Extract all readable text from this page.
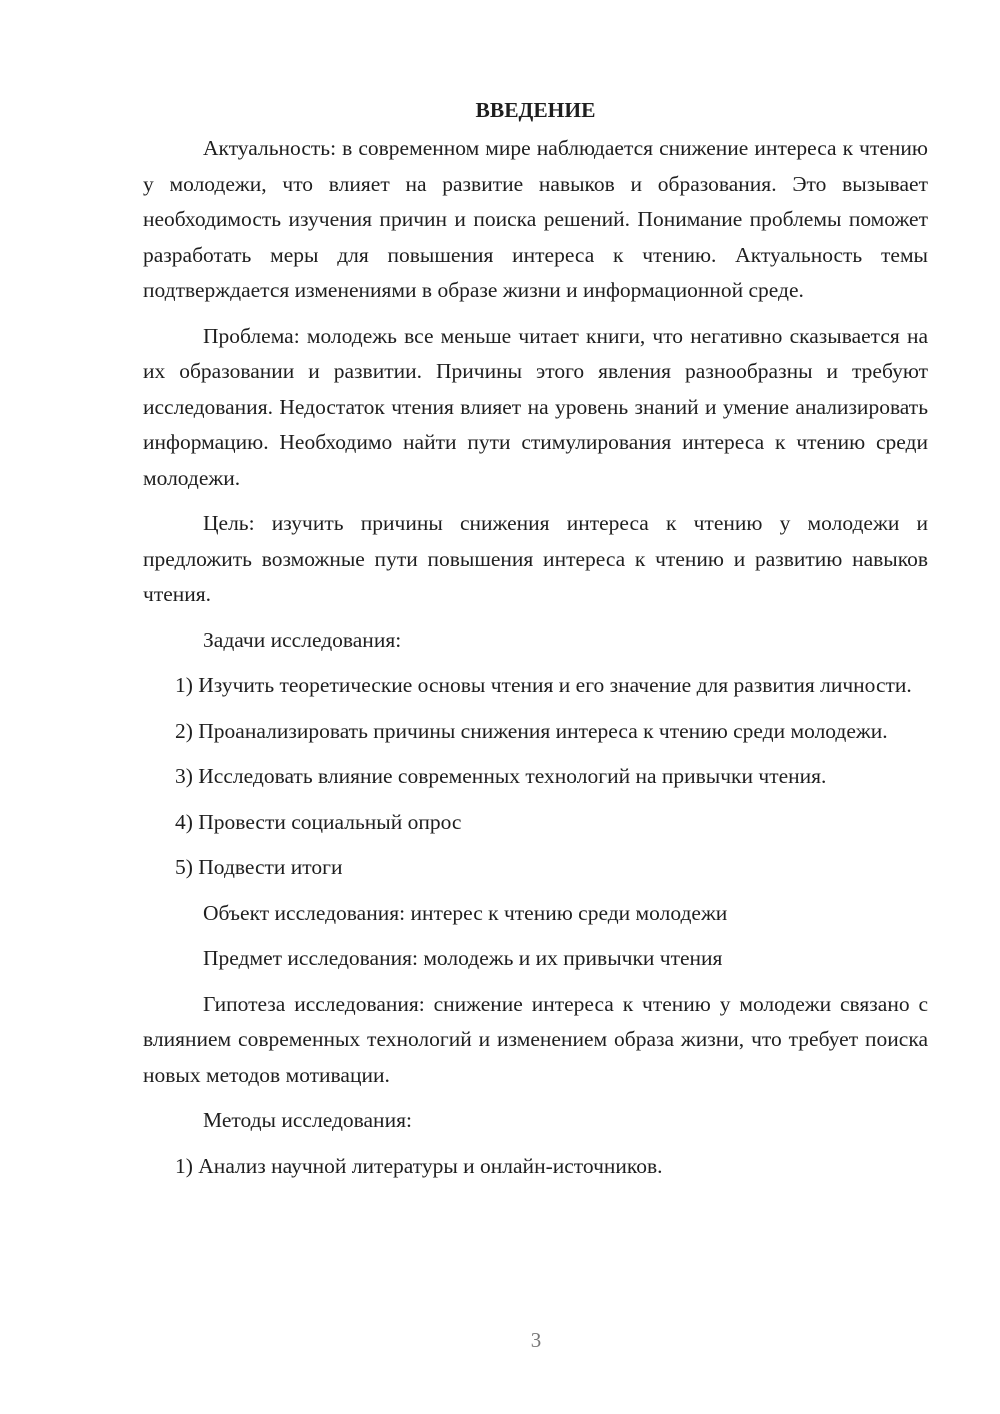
ВВЕДЕНИЕ

Актуальность: в современном мире наблюдается снижение интереса к чтению у молодежи, что влияет на развитие навыков и образования. Это вызывает необходимость изучения причин и поиска решений. Понимание проблемы поможет разработать меры для повышения интереса к чтению. Актуальность темы подтверждается изменениями в образе жизни и информационной среде.

Проблема: молодежь все меньше читает книги, что негативно сказывается на их образовании и развитии. Причины этого явления разнообразны и требуют исследования. Недостаток чтения влияет на уровень знаний и умение анализировать информацию. Необходимо найти пути стимулирования интереса к чтению среди молодежи.

Цель: изучить причины снижения интереса к чтению у молодежи и предложить возможные пути повышения интереса к чтению и развитию навыков чтения.

Задачи исследования:

1) Изучить теоретические основы чтения и его значение для развития личности.

2) Проанализировать причины снижения интереса к чтению среди молодежи.

3) Исследовать влияние современных технологий на привычки чтения.

4) Провести социальный опрос

5) Подвести итоги

Объект исследования: интерес к чтению среди молодежи

Предмет исследования: молодежь и их привычки чтения

Гипотеза исследования: снижение интереса к чтению у молодежи связано с влиянием современных технологий и изменением образа жизни, что требует поиска новых методов мотивации.

Методы исследования:

1) Анализ научной литературы и онлайн-источников.

3
